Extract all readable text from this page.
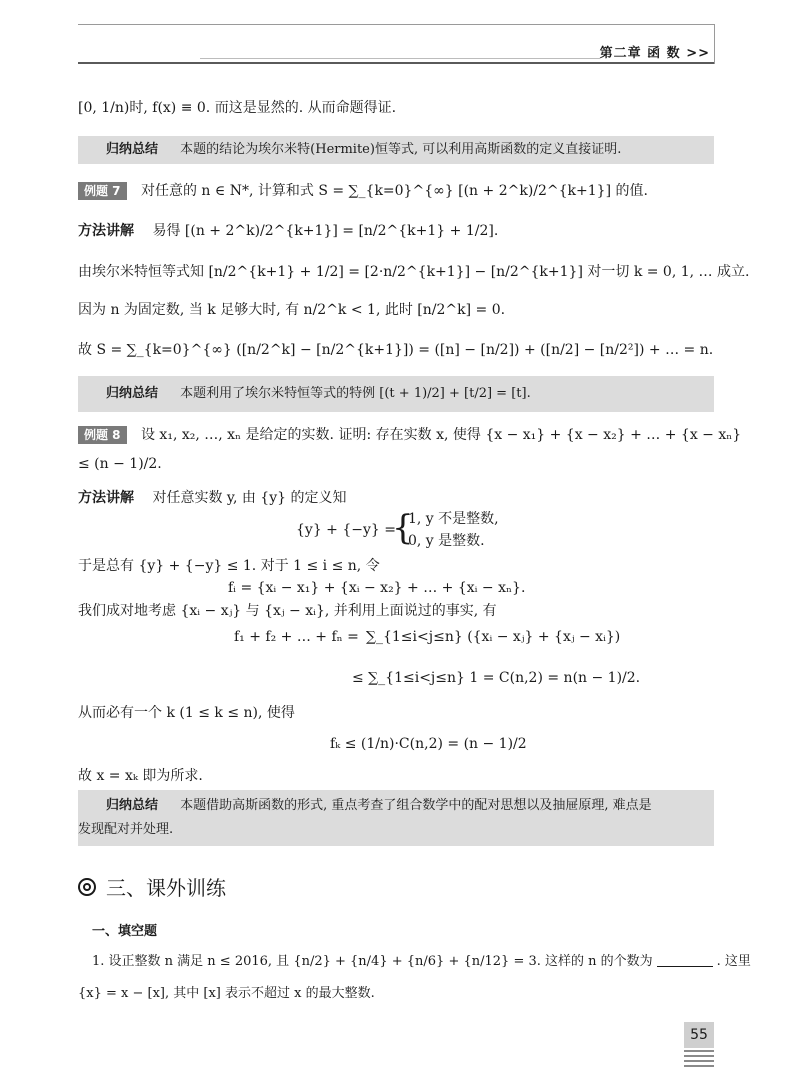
第二章 函 数 >>
[0, 1/n)时, f(x) ≡ 0. 而这是显然的. 从而命题得证.
归纳总结 本题的结论为埃尔米特(Hermite)恒等式, 可以利用高斯函数的定义直接证明.
例题 7 对任意的 n ∈ N*, 计算和式 S = ∑_{k=0}^{∞} [(n + 2^k)/2^{k+1}] 的值.
方法讲解 易得 [(n + 2^k)/2^{k+1}] = [n/2^{k+1} + 1/2].
由埃尔米特恒等式知 [n/2^{k+1} + 1/2] = [2·n/2^{k+1}] − [n/2^{k+1}] 对一切 k = 0, 1, … 成立.
因为 n 为固定数, 当 k 足够大时, 有 n/2^k < 1, 此时 [n/2^k] = 0.
故 S = ∑_{k=0}^{∞} ([n/2^k] − [n/2^{k+1}]) = ([n] − [n/2]) + ([n/2] − [n/2²]) + … = n.
归纳总结 本题利用了埃尔米特恒等式的特例 [(t + 1)/2] + [t/2] = [t].
例题 8 设 x₁, x₂, …, xₙ 是给定的实数. 证明: 存在实数 x, 使得 {x − x₁} + {x − x₂} + … + {x − xₙ}
≤ (n − 1)/2.
方法讲解 对任意实数 y, 由 {y} 的定义知
{y} + {−y} =
{
1, y 不是整数,
0, y 是整数.
于是总有 {y} + {−y} ≤ 1. 对于 1 ≤ i ≤ n, 令
fᵢ = {xᵢ − x₁} + {xᵢ − x₂} + … + {xᵢ − xₙ}.
我们成对地考虑 {xᵢ − xⱼ} 与 {xⱼ − xᵢ}, 并利用上面说过的事实, 有
f₁ + f₂ + … + fₙ = ∑_{1≤i<j≤n} ({xᵢ − xⱼ} + {xⱼ − xᵢ})
≤ ∑_{1≤i<j≤n} 1 = C(n,2) = n(n − 1)/2.
从而必有一个 k (1 ≤ k ≤ n), 使得
fₖ ≤ (1/n)·C(n,2) = (n − 1)/2
故 x = xₖ 即为所求.
归纳总结 本题借助高斯函数的形式, 重点考查了组合数学中的配对思想以及抽屉原理, 难点是
发现配对并处理.
三、课外训练
一、填空题
1. 设正整数 n 满足 n ≤ 2016, 且 {n/2} + {n/4} + {n/6} + {n/12} = 3. 这样的 n 的个数为	. 这里
{x} = x − [x], 其中 [x] 表示不超过 x 的最大整数.
55
